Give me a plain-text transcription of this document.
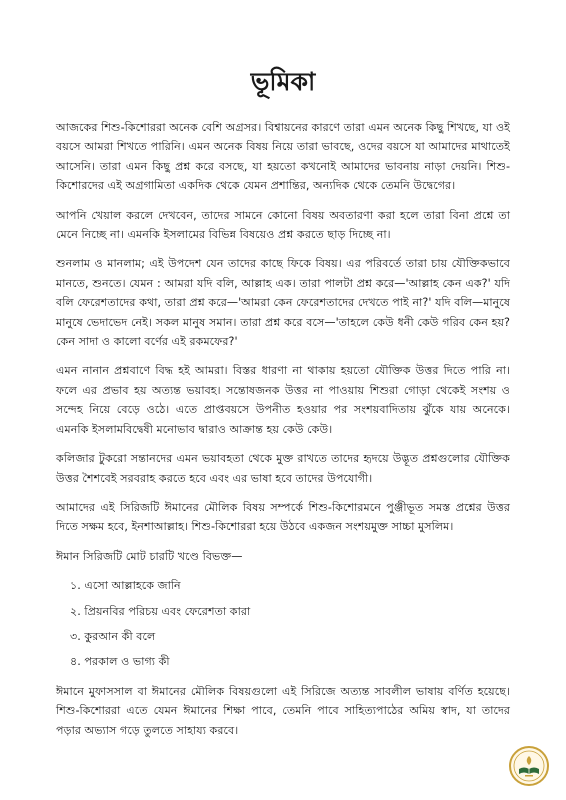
ভূমিকা

আজকের শিশু-কিশোররা অনেক বেশি অগ্রসর। বিশ্বায়নের কারণে তারা এমন অনেক কিছু শিখছে, যা ওই বয়সে আমরা শিখতে পারিনি। এমন অনেক বিষয় নিয়ে তারা ভাবছে, ওদের বয়সে যা আমাদের মাথাতেই আসেনি। তারা এমন কিছু প্রশ্ন করে বসছে, যা হয়তো কখনোই আমাদের ভাবনায় নাড়া দেয়নি। শিশু-কিশোরদের এই অগ্রগামিতা একদিক থেকে যেমন প্রশান্তির, অন্যদিক থেকে তেমনি উদ্বেগের।

আপনি খেয়াল করলে দেখবেন, তাদের সামনে কোনো বিষয় অবতারণা করা হলে তারা বিনা প্রশ্নে তা মেনে নিচ্ছে না। এমনকি ইসলামের বিভিন্ন বিষয়েও প্রশ্ন করতে ছাড় দিচ্ছে না।

শুনলাম ও মানলাম; এই উপদেশ যেন তাদের কাছে ফিকে বিষয়। এর পরিবর্তে তারা চায় যৌক্তিকভাবে মানতে, শুনতে। যেমন : আমরা যদি বলি, আল্লাহ এক। তারা পালটা প্রশ্ন করে—'আল্লাহ কেন এক?' যদি বলি ফেরেশতাদের কথা, তারা প্রশ্ন করে—'আমরা কেন ফেরেশতাদের দেখতে পাই না?' যদি বলি—মানুষে মানুষে ভেদাভেদ নেই। সকল মানুষ সমান। তারা প্রশ্ন করে বসে—'তাহলে কেউ ধনী কেউ গরিব কেন হয়? কেন সাদা ও কালো বর্ণের এই রকমফের?'

এমন নানান প্রশ্নবাণে বিদ্ধ হই আমরা। বিস্তর ধারণা না থাকায় হয়তো যৌক্তিক উত্তর দিতে পারি না। ফলে এর প্রভাব হয় অত্যন্ত ভয়াবহ। সন্তোষজনক উত্তর না পাওয়ায় শিশুরা গোড়া থেকেই সংশয় ও সন্দেহ নিয়ে বেড়ে ওঠে। এতে প্রাপ্তবয়সে উপনীত হওয়ার পর সংশয়বাদিতায় ঝুঁকে যায় অনেকে। এমনকি ইসলামবিদ্বেষী মনোভাব দ্বারাও আক্রান্ত হয় কেউ কেউ।

কলিজার টুকরো সন্তানদের এমন ভয়াবহতা থেকে মুক্ত রাখতে তাদের হৃদয়ে উদ্ভূত প্রশ্নগুলোর যৌক্তিক উত্তর শৈশবেই সরবরাহ করতে হবে এবং এর ভাষা হবে তাদের উপযোগী।

আমাদের এই সিরিজটি ঈমানের মৌলিক বিষয় সম্পর্কে শিশু-কিশোরমনে পুঞ্জীভূত সমস্ত প্রশ্নের উত্তর দিতে সক্ষম হবে, ইনশাআল্লাহ। শিশু-কিশোররা হয়ে উঠবে একজন সংশয়মুক্ত সাচ্চা মুসলিম।

ঈমান সিরিজটি মোট চারটি খণ্ডে বিভক্ত—

১. এসো আল্লাহকে জানি
২. প্রিয়নবির পরিচয় এবং ফেরেশতা কারা
৩. কুরআন কী বলে
৪. পরকাল ও ভাগ্য কী

ঈমানে মুফাসসাল বা ঈমানের মৌলিক বিষয়গুলো এই সিরিজে অত্যন্ত সাবলীল ভাষায় বর্ণিত হয়েছে। শিশু-কিশোররা এতে যেমন ঈমানের শিক্ষা পাবে, তেমনি পাবে সাহিত্যপাঠের অমিয় স্বাদ, যা তাদের পড়ার অভ্যাস গড়ে তুলতে সাহায্য করবে।
